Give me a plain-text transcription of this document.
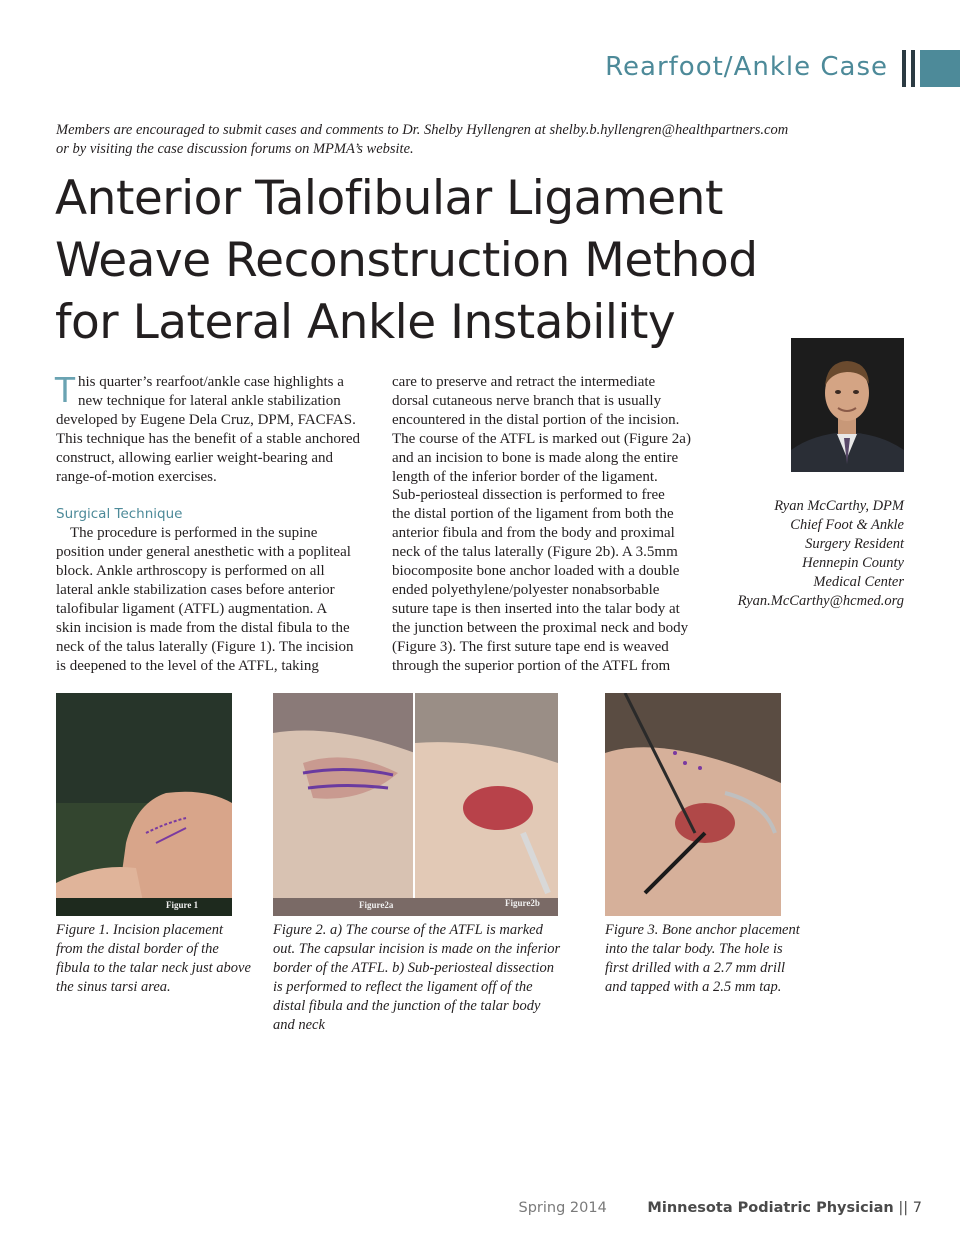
Rearfoot/Ankle Case
Members are encouraged to submit cases and comments to Dr. Shelby Hyllengren at shelby.b.hyllengren@healthpartners.com
or by visiting the case discussion forums on MPMA’s website.
Anterior Talofibular Ligament
Weave Reconstruction Method
for Lateral Ankle Instability
T his quarter’s rearfoot/ankle case highlights a
new technique for lateral ankle stabilization
developed by Eugene Dela Cruz, DPM, FACFAS.
This technique has the benefit of a stable anchored
construct, allowing earlier weight-bearing and
range-of-motion exercises.
Surgical Technique
The procedure is performed in the supine
position under general anesthetic with a popliteal
block. Ankle arthroscopy is performed on all
lateral ankle stabilization cases before anterior
talofibular ligament (ATFL) augmentation. A
skin incision is made from the distal fibula to the
neck of the talus laterally (Figure 1). The incision
is deepened to the level of the ATFL, taking
care to preserve and retract the intermediate
dorsal cutaneous nerve branch that is usually
encountered in the distal portion of the incision.
The course of the ATFL is marked out (Figure 2a)
and an incision to bone is made along the entire
length of the inferior border of the ligament.
Sub-periosteal dissection is performed to free
the distal portion of the ligament from both the
anterior fibula and from the body and proximal
neck of the talus laterally (Figure 2b). A 3.5mm
biocomposite bone anchor loaded with a double
ended polyethylene/polyester nonabsorbable
suture tape is then inserted into the talar body at
the junction between the proximal neck and body
(Figure 3). The first suture tape end is weaved
through the superior portion of the ATFL from
Ryan McCarthy, DPM
Chief Foot & Ankle
Surgery Resident
Hennepin County
Medical Center
Ryan.McCarthy@hcmed.org
Figure 1	Figure2a	Figure2b
Figure 1. Incision placement
from the distal border of the
fibula to the talar neck just above
the sinus tarsi area.
Figure 2. a) The course of the ATFL is marked
out. The capsular incision is made on the inferior
border of the ATFL. b) Sub-periosteal dissection
is performed to reflect the ligament off of the
distal fibula and the junction of the talar body
and neck
Figure 3. Bone anchor placement
into the talar body. The hole is
first drilled with a 2.7 mm drill
and tapped with a 2.5 mm tap.
Spring 2014	Minnesota Podiatric Physician || 7
